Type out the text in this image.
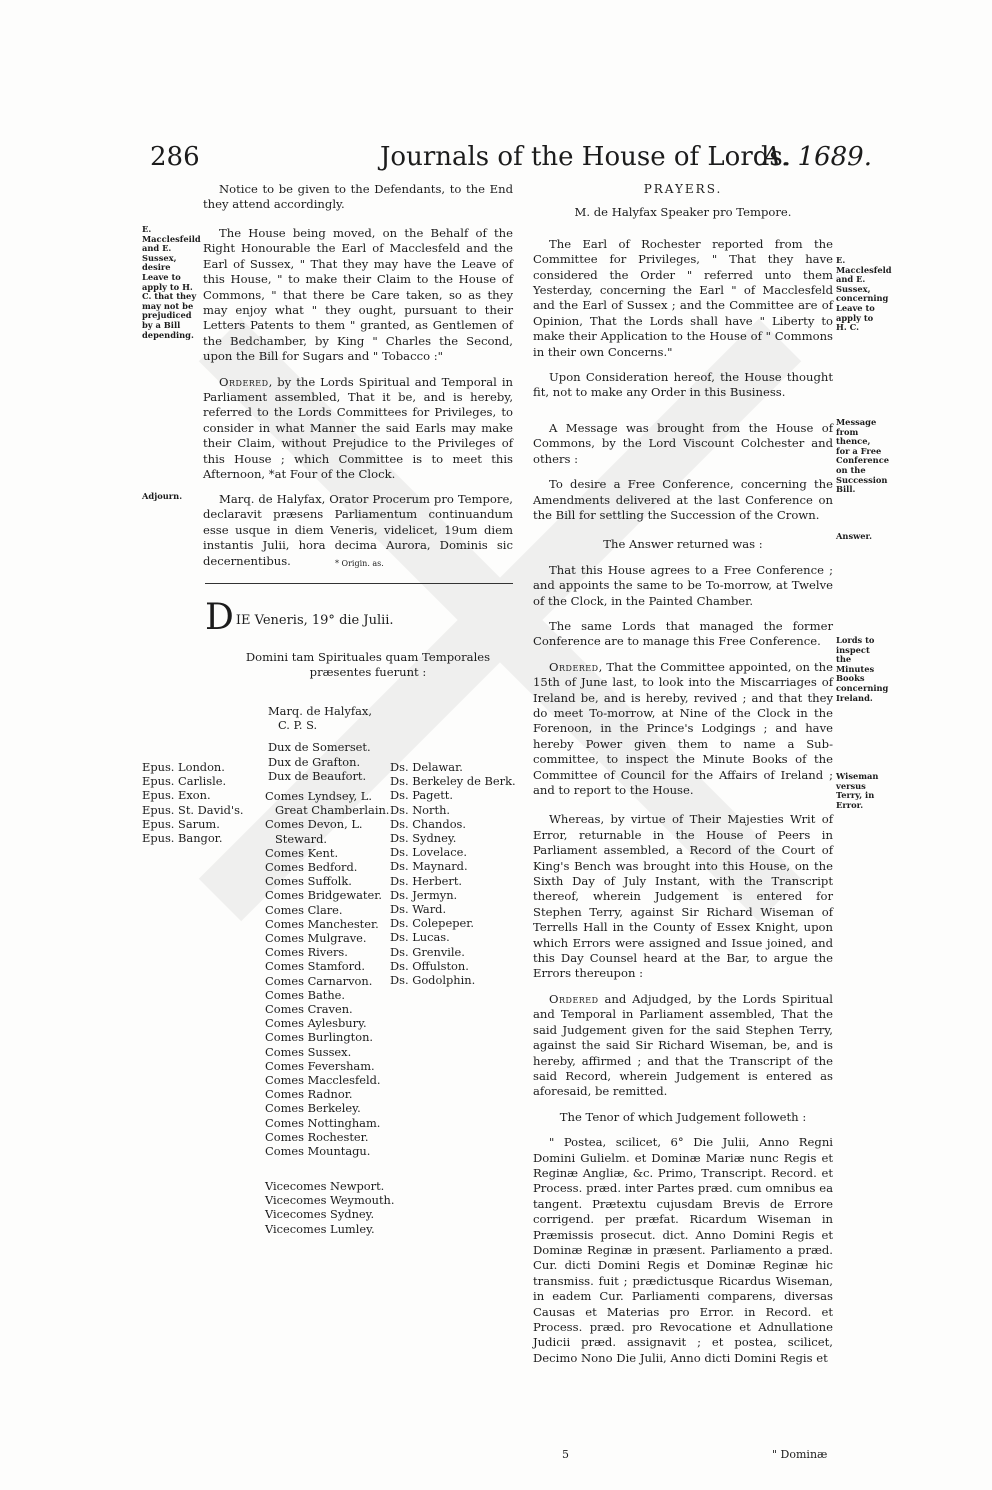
286	Journals of the House of Lords.
A. 1689.

Notice to be given to the Defendants, to the End they attend accordingly.

E. Macclesfeild and E. Sussex, desire Leave to apply to H. C. that they may not be prejudiced by a Bill depending.

The House being moved, on the Behalf of the Right Honourable the Earl of Macclesfeld and the Earl of Sussex, " That they may have the Leave of this House, " to make their Claim to the House of Commons, " that there be Care taken, so as they may enjoy what " they ought, pursuant to their Letters Patents to them " granted, as Gentlemen of the Bedchamber, by King " Charles the Second, upon the Bill for Sugars and " Tobacco :"

Ordered, by the Lords Spiritual and Temporal in Parliament assembled, That it be, and is hereby, referred to the Lords Committees for Privileges, to consider in what Manner the said Earls may make their Claim, without Prejudice to the Privileges of this House ; which Committee is to meet this Afternoon, *at Four of the Clock.

Adjourn.	Marq. de Halyfax, Orator Procerum pro Tempore, declaravit præsens Parliamentum continuandum esse usque in diem Veneris, videlicet, 19um diem instantis Julii, hora decima Aurora, Dominis sic decernentibus.	* Origin. as.
D IE Veneris, 19° die Julii.
Domini tam Spirituales quam Temporales præsentes fuerunt :
Epus. London.
Epus. Carlisle.
Epus. Exon.
Epus. St. David's.
Epus. Sarum.
Epus. Bangor.
Marq. de Halyfax,
C. P. S.
Dux de Somerset.
Dux de Grafton.
Dux de Beaufort.
Comes Lyndsey, L.
Great Chamberlain.
Comes Devon, L.
Steward.
Comes Kent.
Comes Bedford.
Comes Suffolk.
Comes Bridgewater.
Comes Clare.
Comes Manchester.
Comes Mulgrave.
Comes Rivers.
Comes Stamford.
Comes Carnarvon.
Comes Bathe.
Comes Craven.
Comes Aylesbury.
Comes Burlington.
Comes Sussex.
Comes Feversham.
Comes Macclesfeld.
Comes Radnor.
Comes Berkeley.
Comes Nottingham.
Comes Rochester.
Comes Mountagu.
Vicecomes Newport.
Vicecomes Weymouth.
Vicecomes Sydney.
Vicecomes Lumley.
Ds. Delawar.
Ds. Berkeley de Berk.
Ds. Pagett.
Ds. North.
Ds. Chandos.
Ds. Sydney.
Ds. Lovelace.
Ds. Maynard.
Ds. Herbert.
Ds. Jermyn.
Ds. Ward.
Ds. Colepeper.
Ds. Lucas.
Ds. Grenvile.
Ds. Offulston.
Ds. Godolphin.

PRAYERS.

M. de Halyfax Speaker pro Tempore.

The Earl of Rochester reported from the Committee for Privileges, " That they have considered the Order " referred unto them Yesterday, concerning the Earl " of Macclesfeld and the Earl of Sussex ; and the Committee are of Opinion, That the Lords shall have " Liberty to make their Application to the House of " Commons in their own Concerns."

Upon Consideration hereof, the House thought fit, not to make any Order in this Business.

A Message was brought from the House of Commons, by the Lord Viscount Colchester and others :

To desire a Free Conference, concerning the Amendments delivered at the last Conference on the Bill for settling the Succession of the Crown.

The Answer returned was :

That this House agrees to a Free Conference ; and appoints the same to be To-morrow, at Twelve of the Clock, in the Painted Chamber.

The same Lords that managed the former Conference are to manage this Free Conference.

Ordered, That the Committee appointed, on the 15th of June last, to look into the Miscarriages of Ireland be, and is hereby, revived ; and that they do meet To-morrow, at Nine of the Clock in the Forenoon, in the Prince's Lodgings ; and have hereby Power given them to name a Sub-committee, to inspect the Minute Books of the Committee of Council for the Affairs of Ireland ; and to report to the House.

Whereas, by virtue of Their Majesties Writ of Error, returnable in the House of Peers in Parliament assembled, a Record of the Court of King's Bench was brought into this House, on the Sixth Day of July Instant, with the Transcript thereof, wherein Judgement is entered for Stephen Terry, against Sir Richard Wiseman of Terrells Hall in the County of Essex Knight, upon which Errors were assigned and Issue joined, and this Day Counsel heard at the Bar, to argue the Errors thereupon :

Ordered and Adjudged, by the Lords Spiritual and Temporal in Parliament assembled, That the said Judgement given for the said Stephen Terry, against the said Sir Richard Wiseman, be, and is hereby, affirmed ; and that the Transcript of the said Record, wherein Judgement is entered as aforesaid, be remitted.

The Tenor of which Judgement followeth :

" Postea, scilicet, 6° Die Julii, Anno Regni Domini Gulielm. et Dominæ Mariæ nunc Regis et Reginæ Angliæ, &c. Primo, Transcript. Record. et Process. præd. inter Partes præd. cum omnibus ea tangent. Prætextu cujusdam Brevis de Errore corrigend. per præfat. Ricardum Wiseman in Præmissis prosecut. dict. Anno Domini Regis et Dominæ Reginæ in præsent. Parliamento a præd. Cur. dicti Domini Regis et Dominæ Reginæ hic transmiss. fuit ; prædictusque Ricardus Wiseman, in eadem Cur. Parliamenti comparens, diversas Causas et Materias pro Error. in Record. et Process. præd. pro Revocatione et Adnullatione Judicii præd. assignavit ; et postea, scilicet, Decimo Nono Die Julii, Anno dicti Domini Regis et

E. Macclesfeld and E. Sussex, concerning Leave to apply to H. C.
Message from thence, for a Free Conference on the Succession Bill.
Answer.
Lords to inspect the Minutes Books concerning Ireland.
Wiseman versus Terry, in Error.
5	" Dominæ
